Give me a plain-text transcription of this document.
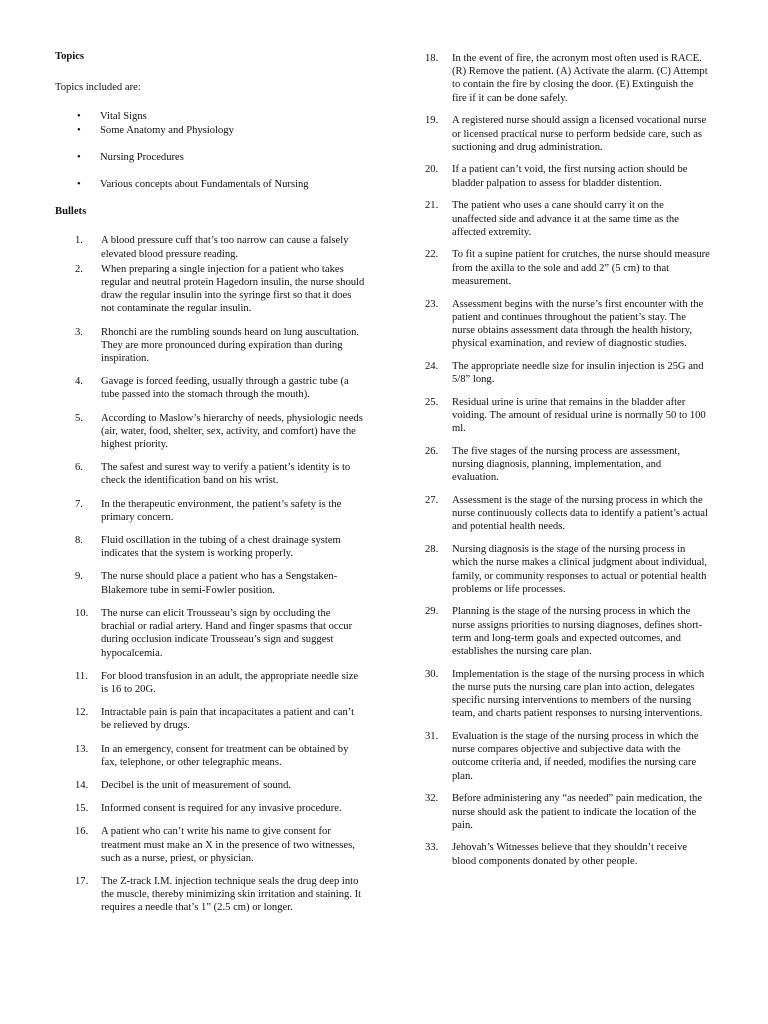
Topics

Topics included are:

• Vital Signs
• Some Anatomy and Physiology
• Nursing Procedures
• Various concepts about Fundamentals of Nursing

Bullets

1. A blood pressure cuff that’s too narrow can cause a falsely elevated blood pressure reading.
2. When preparing a single injection for a patient who takes regular and neutral protein Hagedorn insulin, the nurse should draw the regular insulin into the syringe first so that it does not contaminate the regular insulin.
3. Rhonchi are the rumbling sounds heard on lung auscultation. They are more pronounced during expiration than during inspiration.
4. Gavage is forced feeding, usually through a gastric tube (a tube passed into the stomach through the mouth).
5. According to Maslow’s hierarchy of needs, physiologic needs (air, water, food, shelter, sex, activity, and comfort) have the highest priority.
6. The safest and surest way to verify a patient’s identity is to check the identification band on his wrist.
7. In the therapeutic environment, the patient’s safety is the primary concern.
8. Fluid oscillation in the tubing of a chest drainage system indicates that the system is working properly.
9. The nurse should place a patient who has a Sengstaken-Blakemore tube in semi-Fowler position.
10. The nurse can elicit Trousseau’s sign by occluding the brachial or radial artery. Hand and finger spasms that occur during occlusion indicate Trousseau’s sign and suggest hypocalcemia.
11. For blood transfusion in an adult, the appropriate needle size is 16 to 20G.
12. Intractable pain is pain that incapacitates a patient and can’t be relieved by drugs.
13. In an emergency, consent for treatment can be obtained by fax, telephone, or other telegraphic means.
14. Decibel is the unit of measurement of sound.
15. Informed consent is required for any invasive procedure.
16. A patient who can’t write his name to give consent for treatment must make an X in the presence of two witnesses, such as a nurse, priest, or physician.
17. The Z-track I.M. injection technique seals the drug deep into the muscle, thereby minimizing skin irritation and staining. It requires a needle that’s 1” (2.5 cm) or longer.
18. In the event of fire, the acronym most often used is RACE. (R) Remove the patient. (A) Activate the alarm. (C) Attempt to contain the fire by closing the door. (E) Extinguish the fire if it can be done safely.
19. A registered nurse should assign a licensed vocational nurse or licensed practical nurse to perform bedside care, such as suctioning and drug administration.
20. If a patient can’t void, the first nursing action should be bladder palpation to assess for bladder distention.
21. The patient who uses a cane should carry it on the unaffected side and advance it at the same time as the affected extremity.
22. To fit a supine patient for crutches, the nurse should measure from the axilla to the sole and add 2” (5 cm) to that measurement.
23. Assessment begins with the nurse’s first encounter with the patient and continues throughout the patient’s stay. The nurse obtains assessment data through the health history, physical examination, and review of diagnostic studies.
24. The appropriate needle size for insulin injection is 25G and 5/8” long.
25. Residual urine is urine that remains in the bladder after voiding. The amount of residual urine is normally 50 to 100 ml.
26. The five stages of the nursing process are assessment, nursing diagnosis, planning, implementation, and evaluation.
27. Assessment is the stage of the nursing process in which the nurse continuously collects data to identify a patient’s actual and potential health needs.
28. Nursing diagnosis is the stage of the nursing process in which the nurse makes a clinical judgment about individual, family, or community responses to actual or potential health problems or life processes.
29. Planning is the stage of the nursing process in which the nurse assigns priorities to nursing diagnoses, defines short-term and long-term goals and expected outcomes, and establishes the nursing care plan.
30. Implementation is the stage of the nursing process in which the nurse puts the nursing care plan into action, delegates specific nursing interventions to members of the nursing team, and charts patient responses to nursing interventions.
31. Evaluation is the stage of the nursing process in which the nurse compares objective and subjective data with the outcome criteria and, if needed, modifies the nursing care plan.
32. Before administering any “as needed” pain medication, the nurse should ask the patient to indicate the location of the pain.
33. Jehovah’s Witnesses believe that they shouldn’t receive blood components donated by other people.
